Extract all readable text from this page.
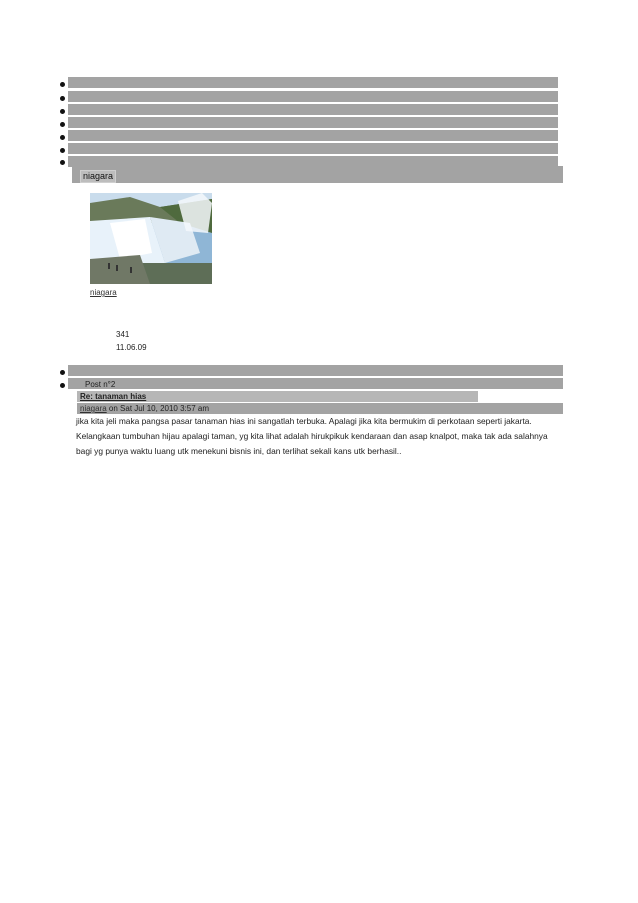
niagara
niagara
341
11.06.09
Post n°2
Re: tanaman hias
niagara on Sat Jul 10, 2010 3:57 am
jika kita jeli maka pangsa pasar tanaman hias ini sangatlah terbuka. Apalagi jika kita bermukim di perkotaan seperti jakarta. Kelangkaan tumbuhan hijau apalagi taman, yg kita lihat adalah hirukpikuk kendaraan dan asap knalpot, maka tak ada salahnya bagi yg punya waktu luang utk menekuni bisnis ini, dan terlihat sekali kans utk berhasil..
